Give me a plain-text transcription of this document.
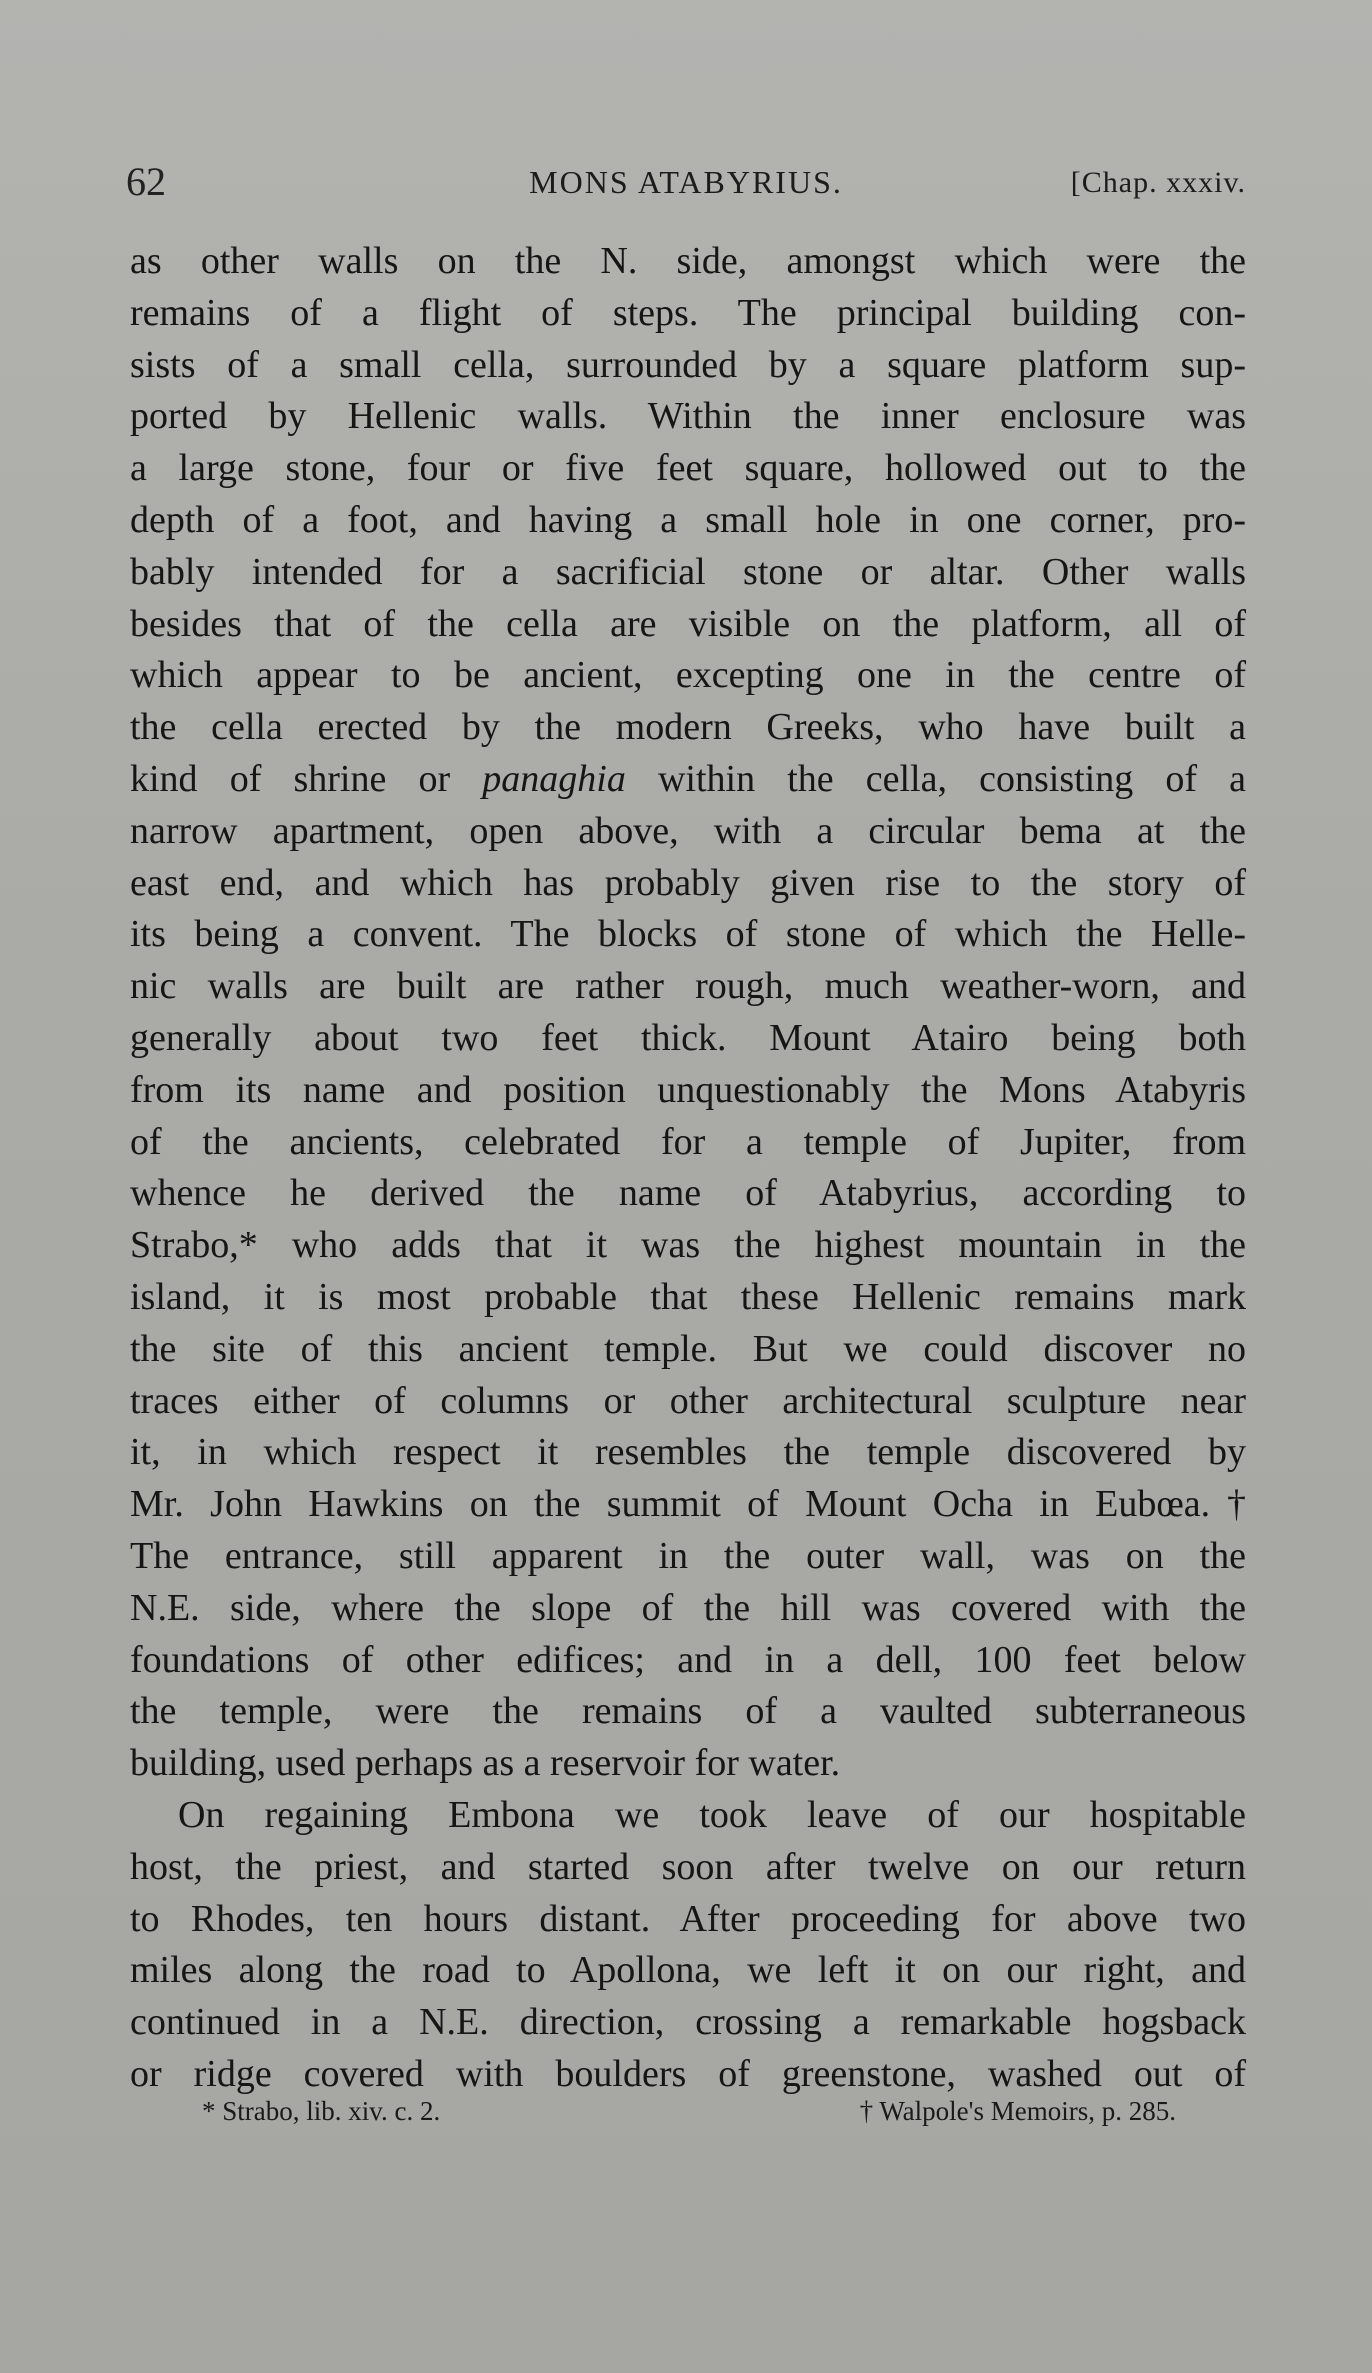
62	MONS ATABYRIUS.	[Chap. xxxiv.
as other walls on the N. side, amongst which were the
remains of a flight of steps. The principal building con-
sists of a small cella, surrounded by a square platform sup-
ported by Hellenic walls. Within the inner enclosure was
a large stone, four or five feet square, hollowed out to the
depth of a foot, and having a small hole in one corner, pro-
bably intended for a sacrificial stone or altar. Other walls
besides that of the cella are visible on the platform, all of
which appear to be ancient, excepting one in the centre of
the cella erected by the modern Greeks, who have built a
kind of shrine or panaghia within the cella, consisting of a
narrow apartment, open above, with a circular bema at the
east end, and which has probably given rise to the story of
its being a convent. The blocks of stone of which the Helle-
nic walls are built are rather rough, much weather-worn, and
generally about two feet thick. Mount Atairo being both
from its name and position unquestionably the Mons Atabyris
of the ancients, celebrated for a temple of Jupiter, from
whence he derived the name of Atabyrius, according to
Strabo,* who adds that it was the highest mountain in the
island, it is most probable that these Hellenic remains mark
the site of this ancient temple. But we could discover no
traces either of columns or other architectural sculpture near
it, in which respect it resembles the temple discovered by
Mr. John Hawkins on the summit of Mount Ocha in Eubœa.†
The entrance, still apparent in the outer wall, was on the
N.E. side, where the slope of the hill was covered with the
foundations of other edifices; and in a dell, 100 feet below
the temple, were the remains of a vaulted subterraneous
building, used perhaps as a reservoir for water.
On regaining Embona we took leave of our hospitable
host, the priest, and started soon after twelve on our return
to Rhodes, ten hours distant. After proceeding for above two
miles along the road to Apollona, we left it on our right, and
continued in a N.E. direction, crossing a remarkable hogsback
or ridge covered with boulders of greenstone, washed out of
* Strabo, lib. xiv. c. 2.	† Walpole's Memoirs, p. 285.
